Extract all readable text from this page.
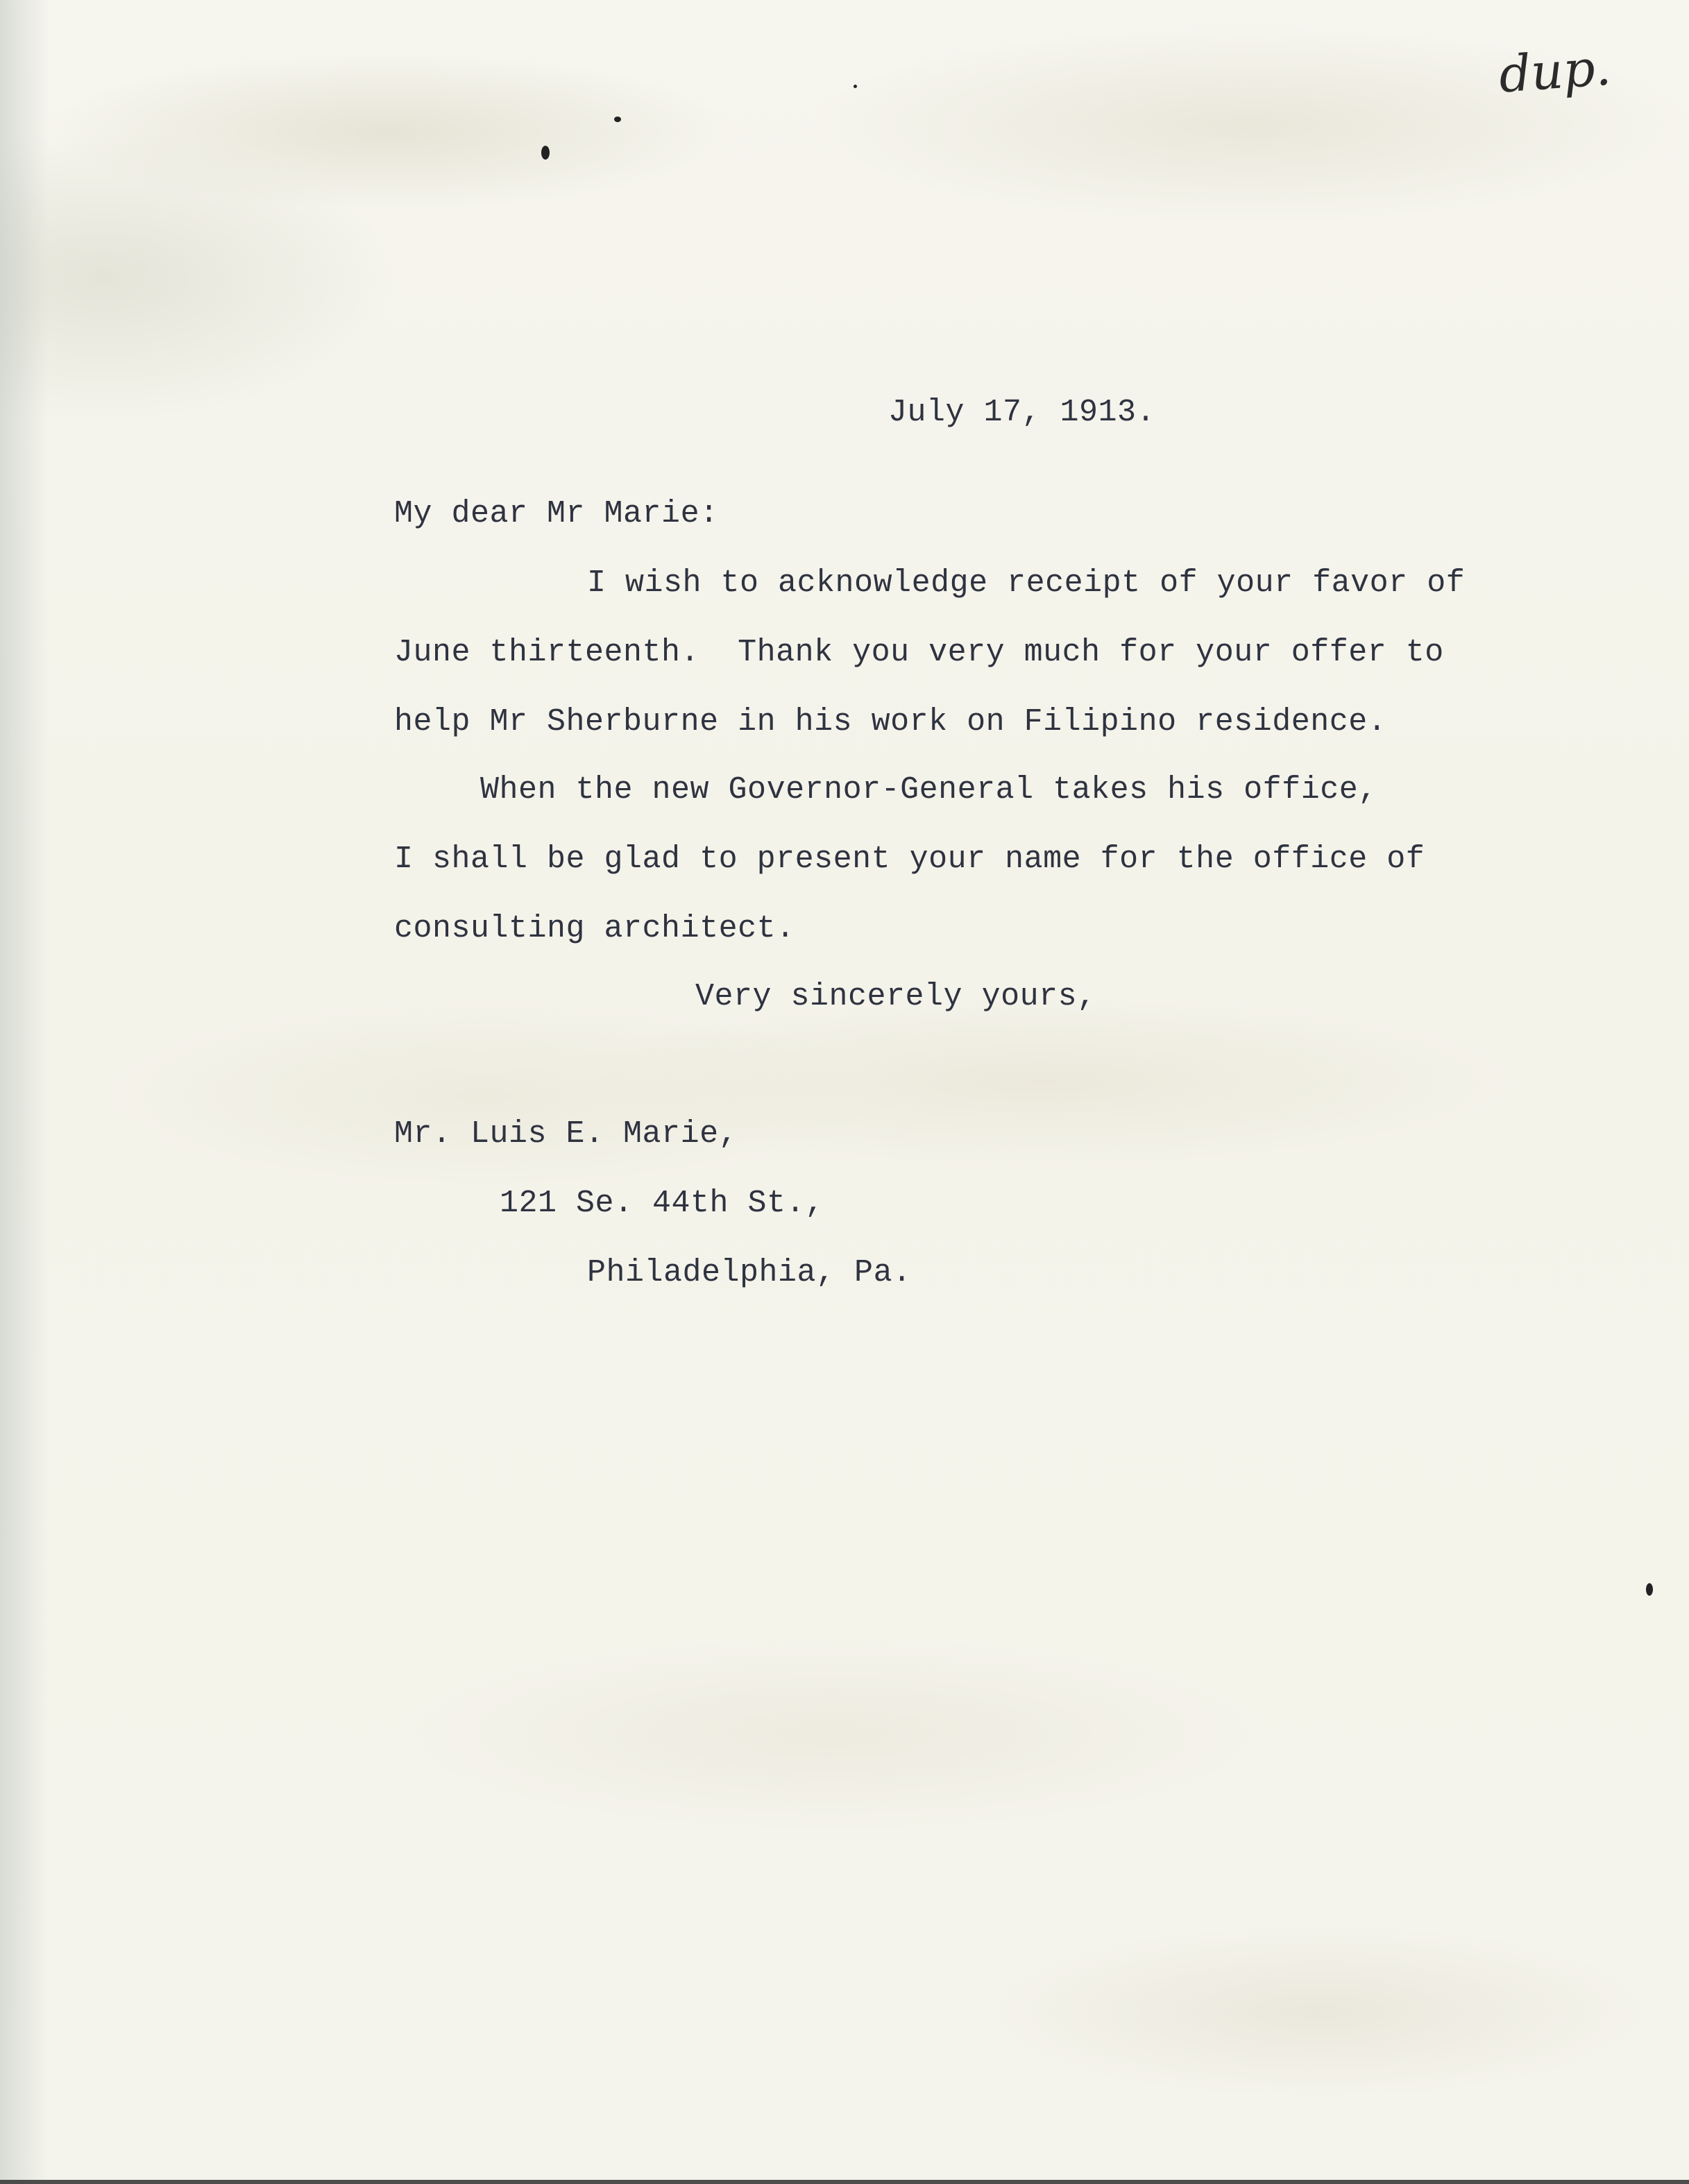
dup.
July 17, 1913.
My dear Mr Marie:
I wish to acknowledge receipt of your favor of
June thirteenth.  Thank you very much for your offer to
help Mr Sherburne in his work on Filipino residence.
When the new Governor-General takes his office,
I shall be glad to present your name for the office of
consulting architect.
Very sincerely yours,
Mr. Luis E. Marie,
121 Se. 44th St.,
Philadelphia, Pa.
